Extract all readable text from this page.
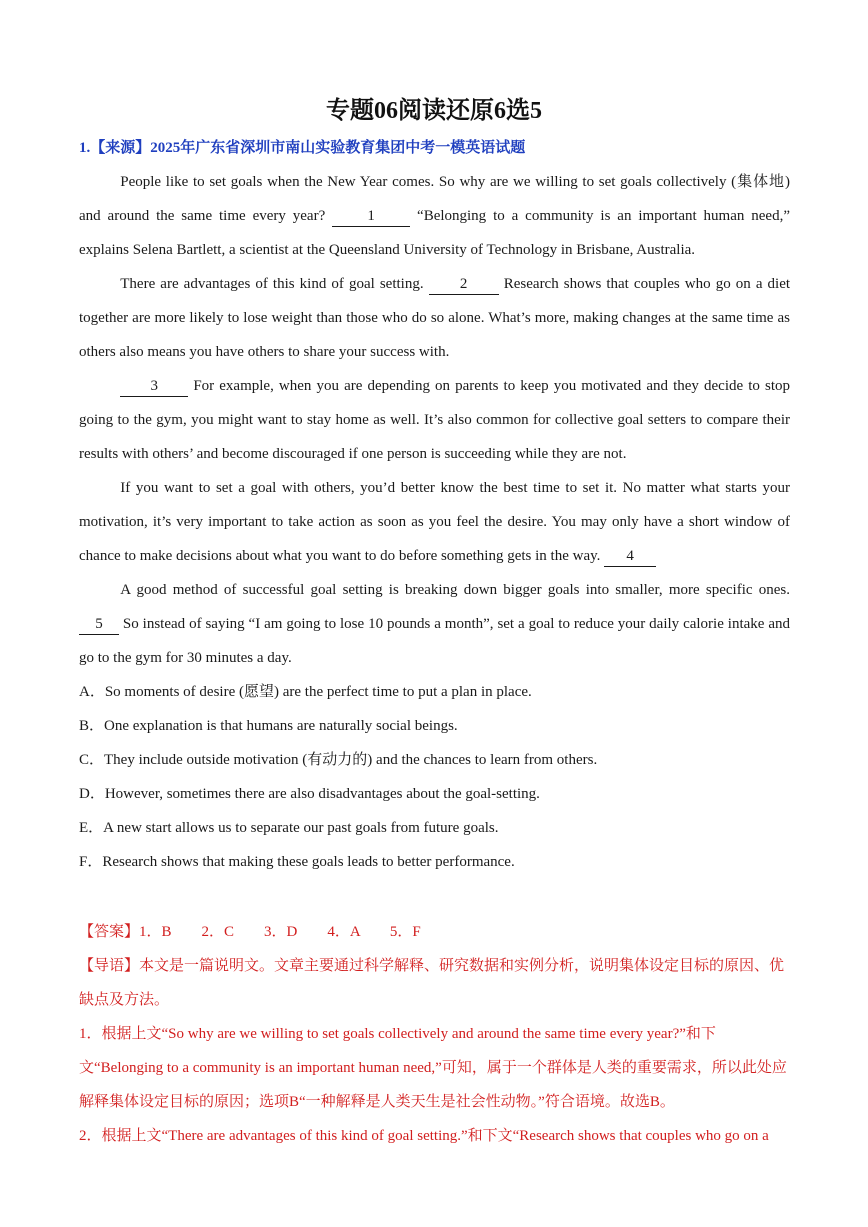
专题06阅读还原6选5
1.【来源】2025年广东省深圳市南山实验教育集团中考一模英语试题

People like to set goals when the New Year comes. So why are we willing to set goals collectively (集体地) and around the same time every year?	1	“Belonging to a community is an important human need,” explains Selena Bartlett, a scientist at the Queensland University of Technology in Brisbane, Australia.

There are advantages of this kind of goal setting. 2 Research shows that couples who go on a diet together are more likely to lose weight than those who do so alone. What’s more, making changes at the same time as others also means you have others to share your success with.

3 For example, when you are depending on parents to keep you motivated and they decide to stop going to the gym, you might want to stay home as well. It’s also common for collective goal setters to compare their results with others’ and become discouraged if one person is succeeding while they are not.

If you want to set a goal with others, you’d better know the best time to set it. No matter what starts your motivation, it’s very important to take action as soon as you feel the desire. You may only have a short window of chance to make decisions about what you want to do before something gets in the way. 4

A good method of successful goal setting is breaking down bigger goals into smaller, more specific ones. 5 So instead of saying “I am going to lose 10 pounds a month”, set a goal to reduce your daily calorie intake and go to the gym for 30 minutes a day.

A．So moments of desire (愿望) are the perfect time to put a plan in place.
B．One explanation is that humans are naturally social beings.
C．They include outside motivation (有动力的) and the chances to learn from others.
D．However, sometimes there are also disadvantages about the goal-setting.
E．A new start allows us to separate our past goals from future goals.
F．Research shows that making these goals leads to better performance.

【答案】1．B　　2．C　　3．D　　4．A　　5．F

【导语】本文是一篇说明文。文章主要通过科学解释、研究数据和实例分析，说明集体设定目标的原因、优缺点及方法。

1．根据上文“So why are we willing to set goals collectively and around the same time every year?”和下文“Belonging to a community is an important human need,”可知，属于一个群体是人类的重要需求，所以此处应解释集体设定目标的原因；选项B“一种解释是人类天生是社会性动物。”符合语境。故选B。

2．根据上文“There are advantages of this kind of goal setting.”和下文“Research shows that couples who go on a
